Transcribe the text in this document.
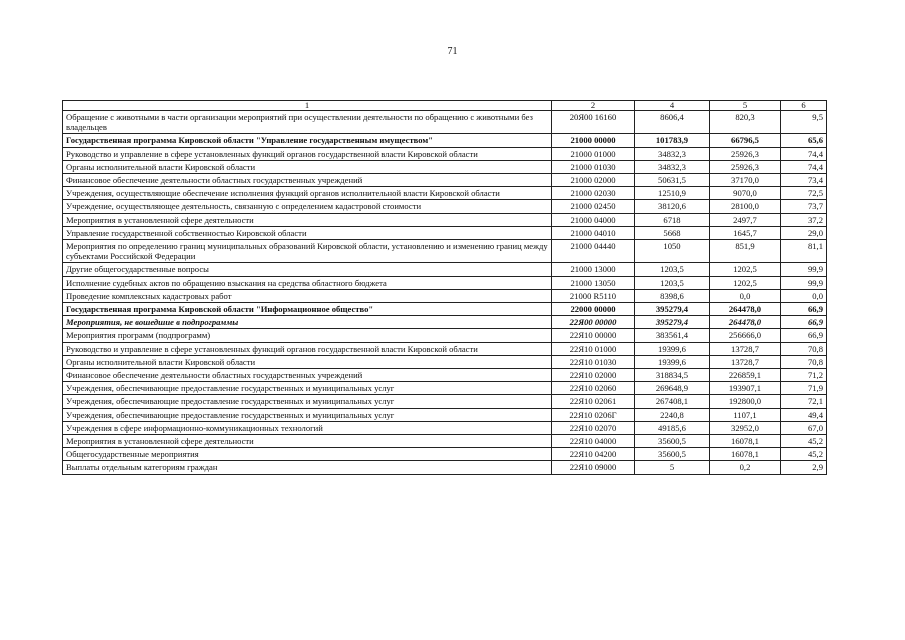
71
1	2	4	5	6
Обращение с животными в части организации мероприятий при осуществлении деятельности по обращению с животными без владельцев	20Я00 16160	8606,4	820,3	9,5
Государственная программа Кировской области "Управление государственным имуществом"	21000 00000	101783,9	66796,5	65,6
Руководство и управление в сфере установленных функций органов государственной власти Кировской области	21000 01000	34832,3	25926,3	74,4
Органы исполнительной власти Кировской области	21000 01030	34832,3	25926,3	74,4
Финансовое обеспечение деятельности областных государственных учреждений	21000 02000	50631,5	37170,0	73,4
Учреждения, осуществляющие обеспечение исполнения функций органов исполнительной власти Кировской области	21000 02030	12510,9	9070,0	72,5
Учреждение, осуществляющее деятельность, связанную с определением кадастровой стоимости	21000 02450	38120,6	28100,0	73,7
Мероприятия в установленной сфере деятельности	21000 04000	6718	2497,7	37,2
Управление государственной собственностью Кировской области	21000 04010	5668	1645,7	29,0
Мероприятия по определению границ муниципальных образований Кировской области, установлению и изменению границ между субъектами Российской Федерации	21000 04440	1050	851,9	81,1
Другие общегосударственные вопросы	21000 13000	1203,5	1202,5	99,9
Исполнение судебных актов по обращению взыскания на средства областного бюджета	21000 13050	1203,5	1202,5	99,9
Проведение комплексных кадастровых работ	21000 R5110	8398,6	0,0	0,0
Государственная программа Кировской области "Информационное общество"	22000 00000	395279,4	264478,0	66,9
Мероприятия, не вошедшие в подпрограммы	22Я00 00000	395279,4	264478,0	66,9
Мероприятия программ (подпрограмм)	22Я10 00000	383561,4	256666,0	66,9
Руководство и управление в сфере установленных функций органов государственной власти Кировской области	22Я10 01000	19399,6	13728,7	70,8
Органы исполнительной власти Кировской области	22Я10 01030	19399,6	13728,7	70,8
Финансовое обеспечение деятельности областных государственных учреждений	22Я10 02000	318834,5	226859,1	71,2
Учреждения, обеспечивающие предоставление государственных и муниципальных услуг	22Я10 02060	269648,9	193907,1	71,9
Учреждения, обеспечивающие предоставление государственных и муниципальных услуг	22Я10 02061	267408,1	192800,0	72,1
Учреждения, обеспечивающие предоставление государственных и муниципальных услуг	22Я10 0206Г	2240,8	1107,1	49,4
Учреждения в сфере информационно-коммуникационных технологий	22Я10 02070	49185,6	32952,0	67,0
Мероприятия в установленной сфере деятельности	22Я10 04000	35600,5	16078,1	45,2
Общегосударственные мероприятия	22Я10 04200	35600,5	16078,1	45,2
Выплаты отдельным категориям граждан	22Я10 09000	5	0,2	2,9
